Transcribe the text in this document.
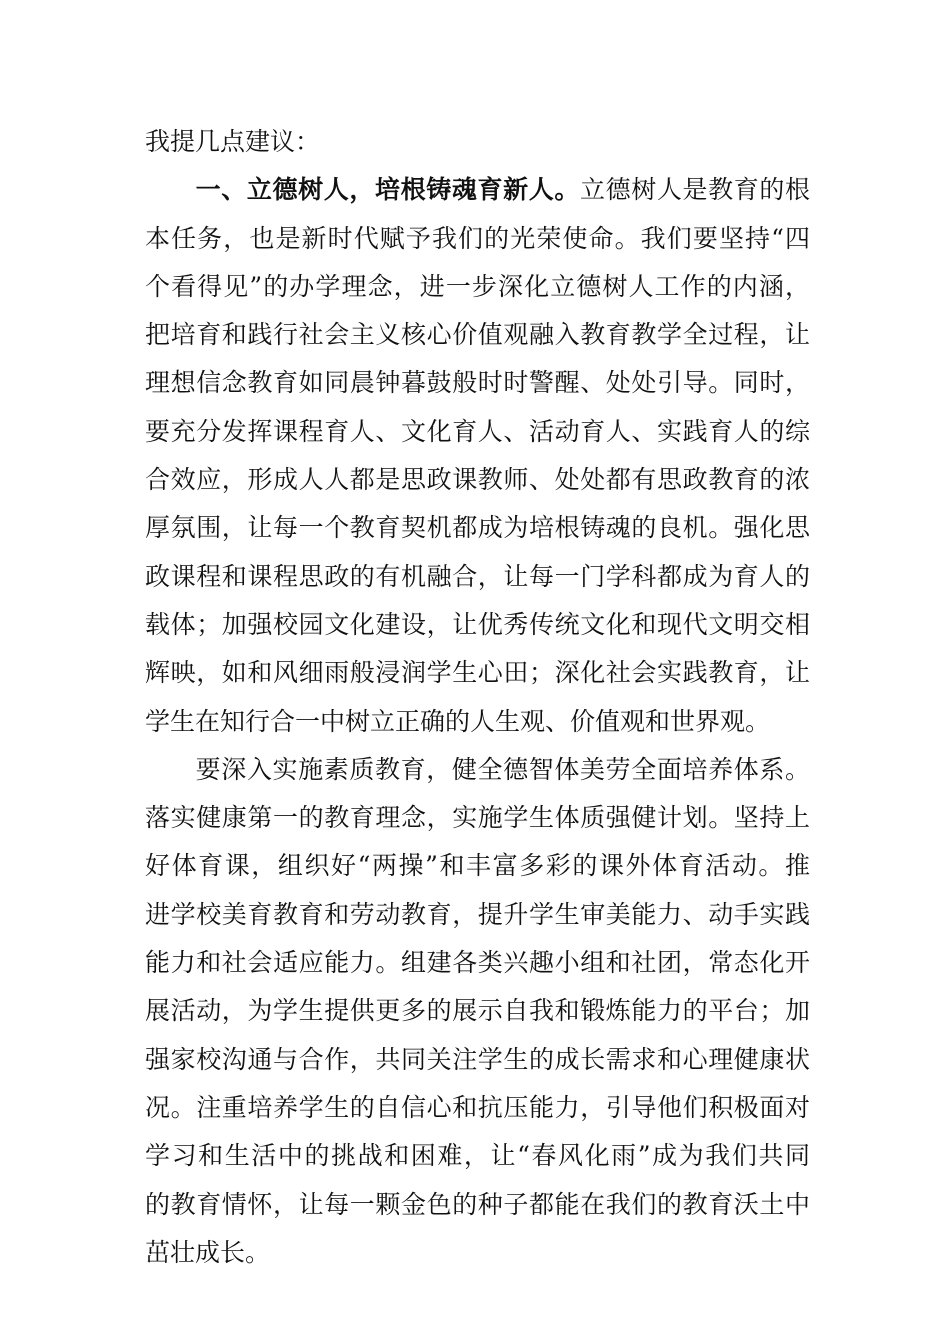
我提几点建议：
一、立德树人，培根铸魂育新人。立德树人是教育的根
本任务，也是新时代赋予我们的光荣使命。我们要坚持“四
个看得见”的办学理念，进一步深化立德树人工作的内涵，
把培育和践行社会主义核心价值观融入教育教学全过程，让
理想信念教育如同晨钟暮鼓般时时警醒、处处引导。同时，
要充分发挥课程育人、文化育人、活动育人、实践育人的综
合效应，形成人人都是思政课教师、处处都有思政教育的浓
厚氛围，让每一个教育契机都成为培根铸魂的良机。强化思
政课程和课程思政的有机融合，让每一门学科都成为育人的
载体；加强校园文化建设，让优秀传统文化和现代文明交相
辉映，如和风细雨般浸润学生心田；深化社会实践教育，让
学生在知行合一中树立正确的人生观、价值观和世界观。
要深入实施素质教育，健全德智体美劳全面培养体系。
落实健康第一的教育理念，实施学生体质强健计划。坚持上
好体育课，组织好“两操”和丰富多彩的课外体育活动。推
进学校美育教育和劳动教育，提升学生审美能力、动手实践
能力和社会适应能力。组建各类兴趣小组和社团，常态化开
展活动，为学生提供更多的展示自我和锻炼能力的平台；加
强家校沟通与合作，共同关注学生的成长需求和心理健康状
况。注重培养学生的自信心和抗压能力，引导他们积极面对
学习和生活中的挑战和困难，让“春风化雨”成为我们共同
的教育情怀，让每一颗金色的种子都能在我们的教育沃土中
茁壮成长。
